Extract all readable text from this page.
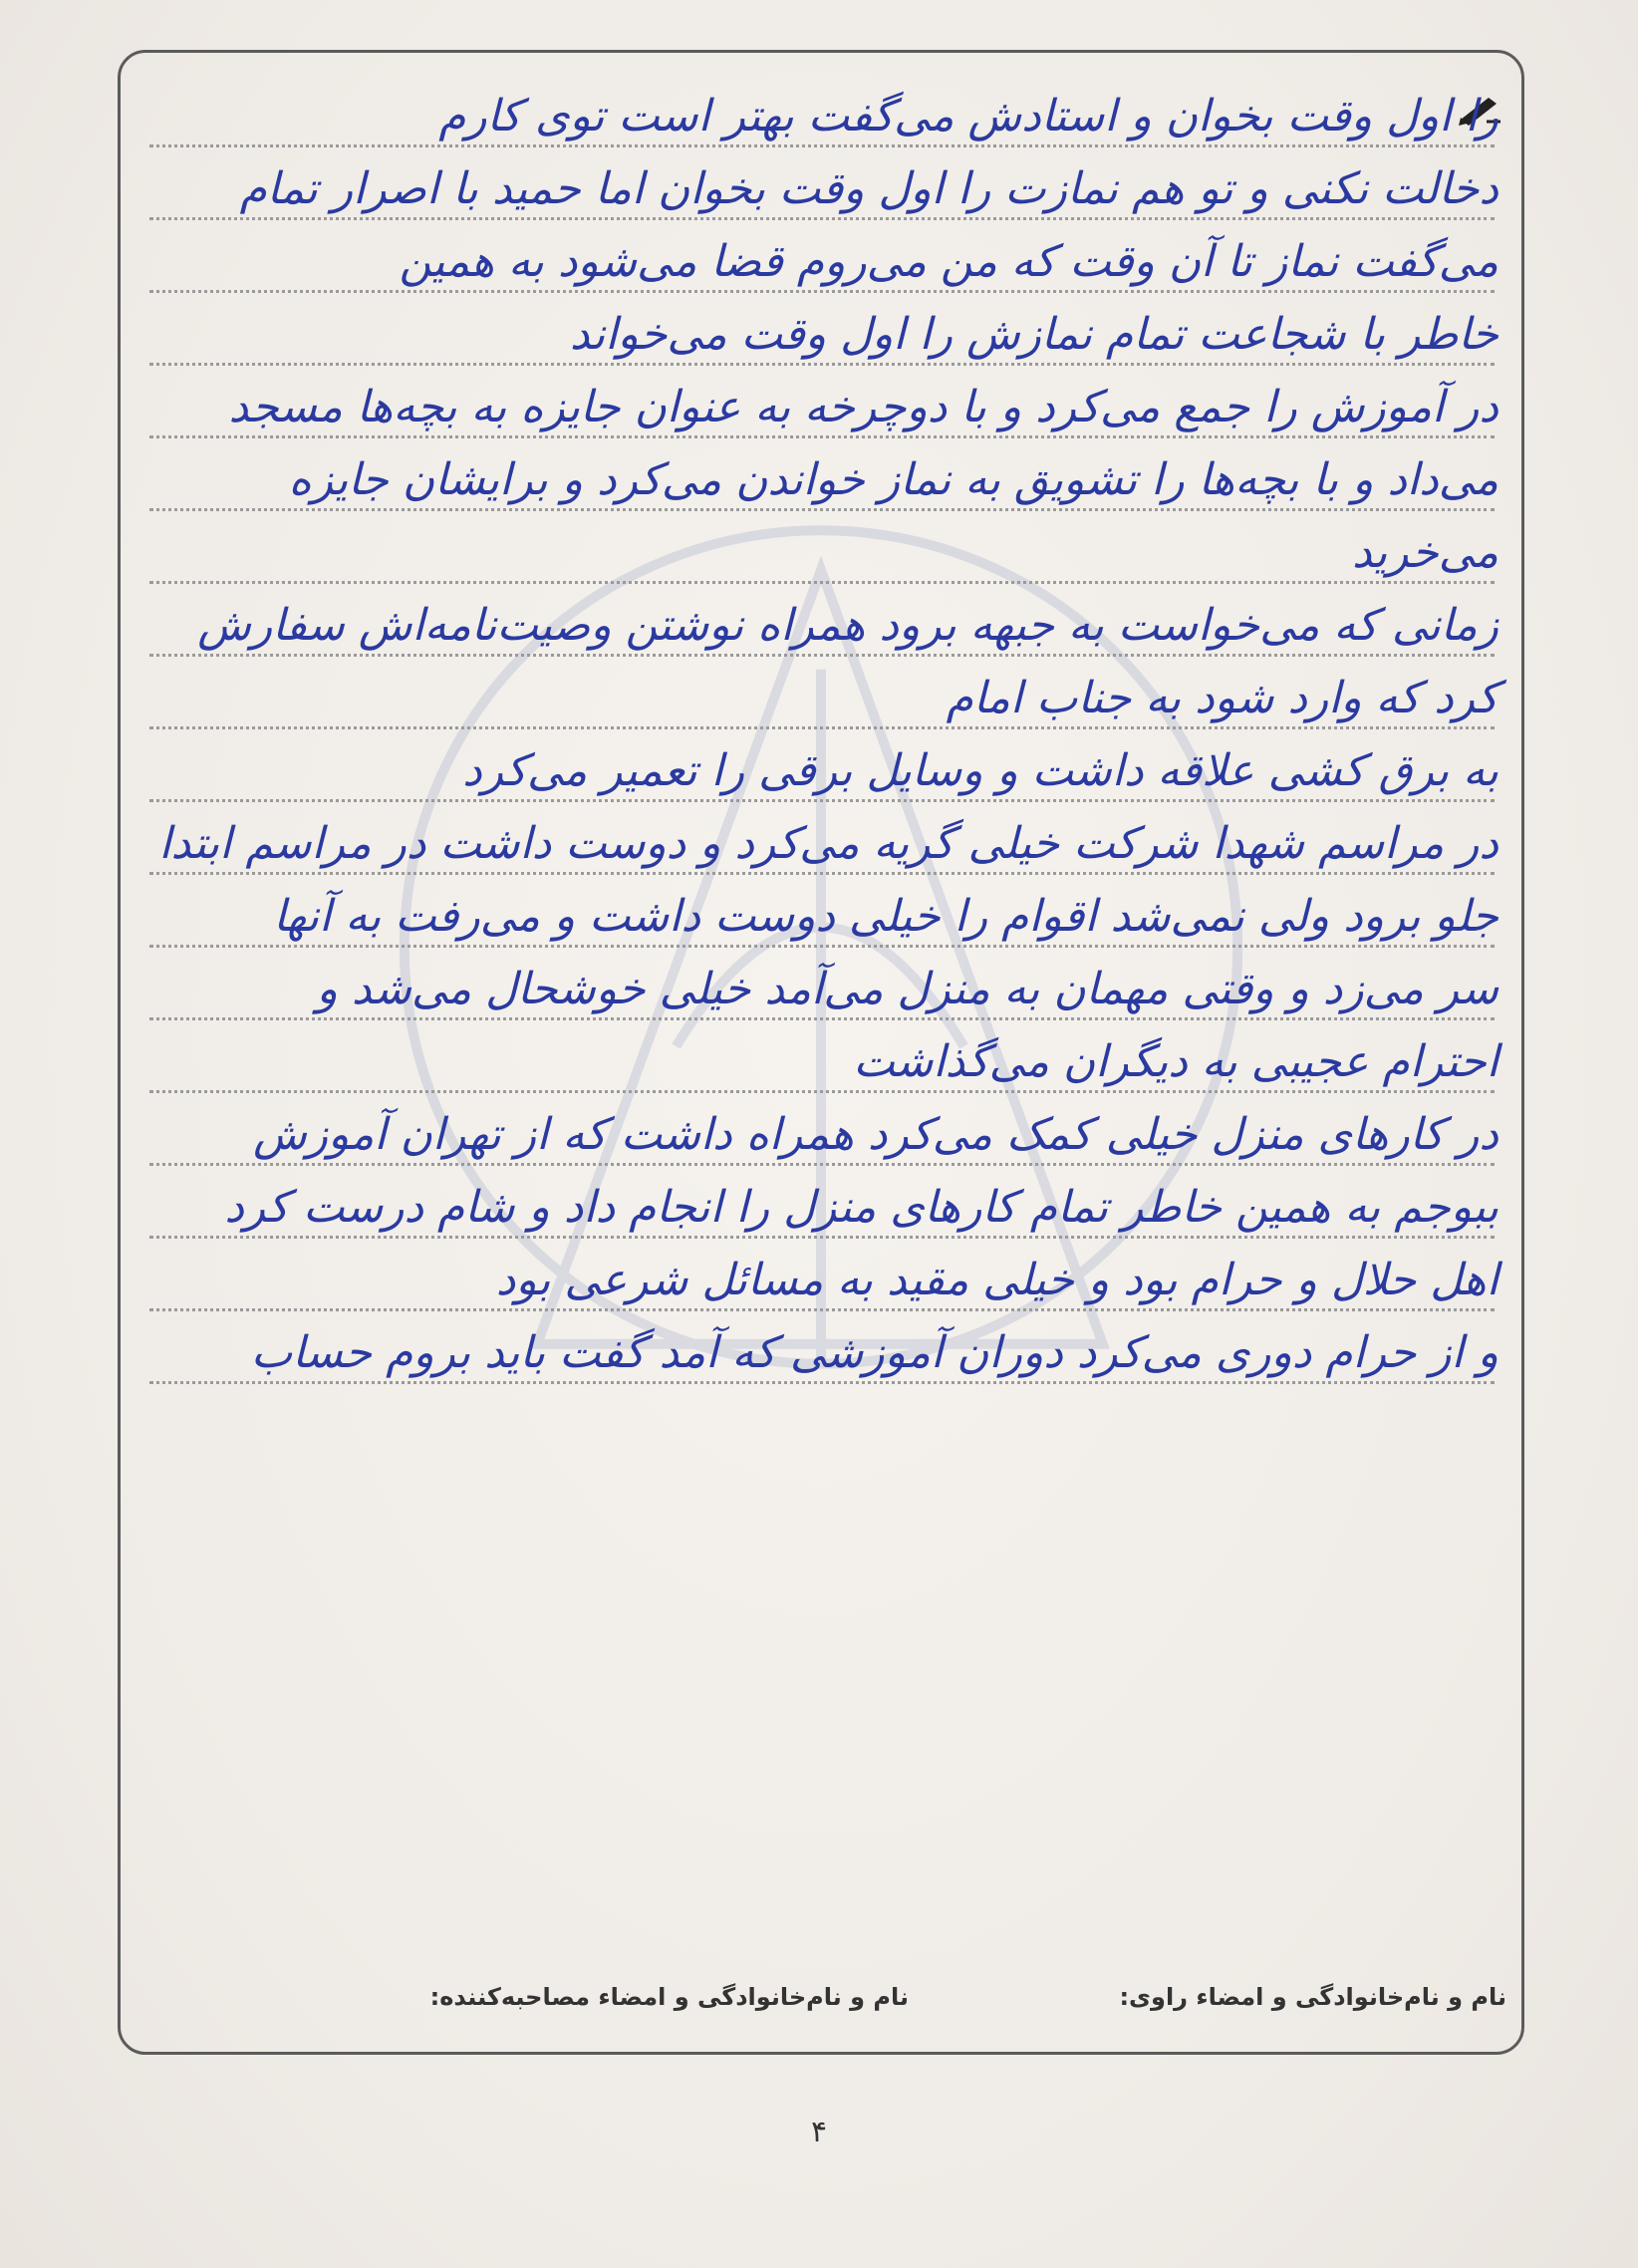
را اول وقت بخوان و استادش می‌گفت بهتر است توی کارم
دخالت نکنی و تو هم نمازت را اول وقت بخوان اما حمید با اصرار تمام
می‌گفت نماز تا آن وقت که من می‌روم قضا می‌شود به همین
خاطر با شجاعت تمام نمازش را اول وقت می‌خواند
در آموزش را جمع می‌کرد و با دوچرخه به عنوان جایزه به بچه‌ها مسجد
می‌داد و با بچه‌ها را تشویق به نماز خواندن می‌کرد و برایشان جایزه
می‌خرید
زمانی که می‌خواست به جبهه برود همراه نوشتن وصیت‌نامه‌اش سفارش
کرد که وارد شود به جناب امام
به برق کشی علاقه داشت و وسایل برقی را تعمیر می‌کرد
در مراسم شهدا شرکت خیلی گریه می‌کرد و دوست داشت در مراسم ابتدا
جلو برود ولی نمی‌شد اقوام را خیلی دوست داشت و می‌رفت به آنها
سر می‌زد و وقتی مهمان به منزل می‌آمد خیلی خوشحال می‌شد و
احترام عجیبی به دیگران می‌گذاشت
در کارهای منزل خیلی کمک می‌کرد همراه داشت که از تهران آموزش
ببوجم به همین خاطر تمام کارهای منزل را انجام داد و شام درست کرد
اهل حلال و حرام بود و خیلی مقید به مسائل شرعی بود
و از حرام دوری می‌کرد دوران آموزشی که آمد گفت باید بروم حساب
نام و نام‌خانوادگی و امضاء راوی:
نام و نام‌خانوادگی و امضاء مصاحبه‌کننده:
۴
